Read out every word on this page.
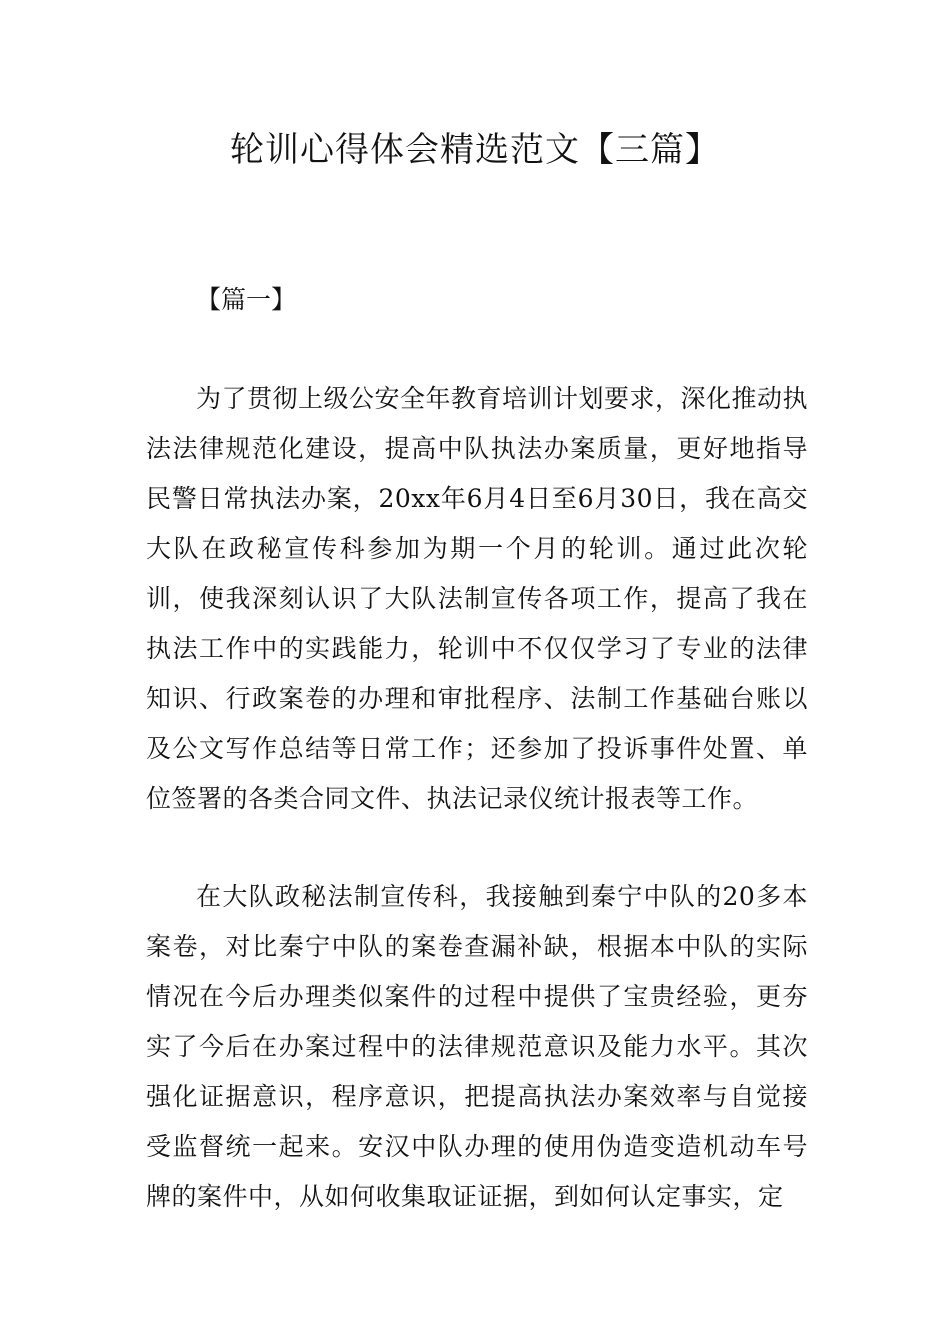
轮训心得体会精选范文【三篇】

【篇一】

为了贯彻上级公安全年教育培训计划要求，深化推动执法法律规范化建设，提高中队执法办案质量，更好地指导民警日常执法办案，20xx年6月4日至6月30日，我在高交大队在政秘宣传科参加为期一个月的轮训。通过此次轮训，使我深刻认识了大队法制宣传各项工作，提高了我在执法工作中的实践能力，轮训中不仅仅学习了专业的法律知识、行政案卷的办理和审批程序、法制工作基础台账以及公文写作总结等日常工作；还参加了投诉事件处置、单位签署的各类合同文件、执法记录仪统计报表等工作。

在大队政秘法制宣传科，我接触到秦宁中队的20多本案卷，对比秦宁中队的案卷查漏补缺，根据本中队的实际情况在今后办理类似案件的过程中提供了宝贵经验，更夯实了今后在办案过程中的法律规范意识及能力水平。其次强化证据意识，程序意识，把提高执法办案效率与自觉接受监督统一起来。安汉中队办理的使用伪造变造机动车号牌的案件中，从如何收集取证证据，到如何认定事实，定
